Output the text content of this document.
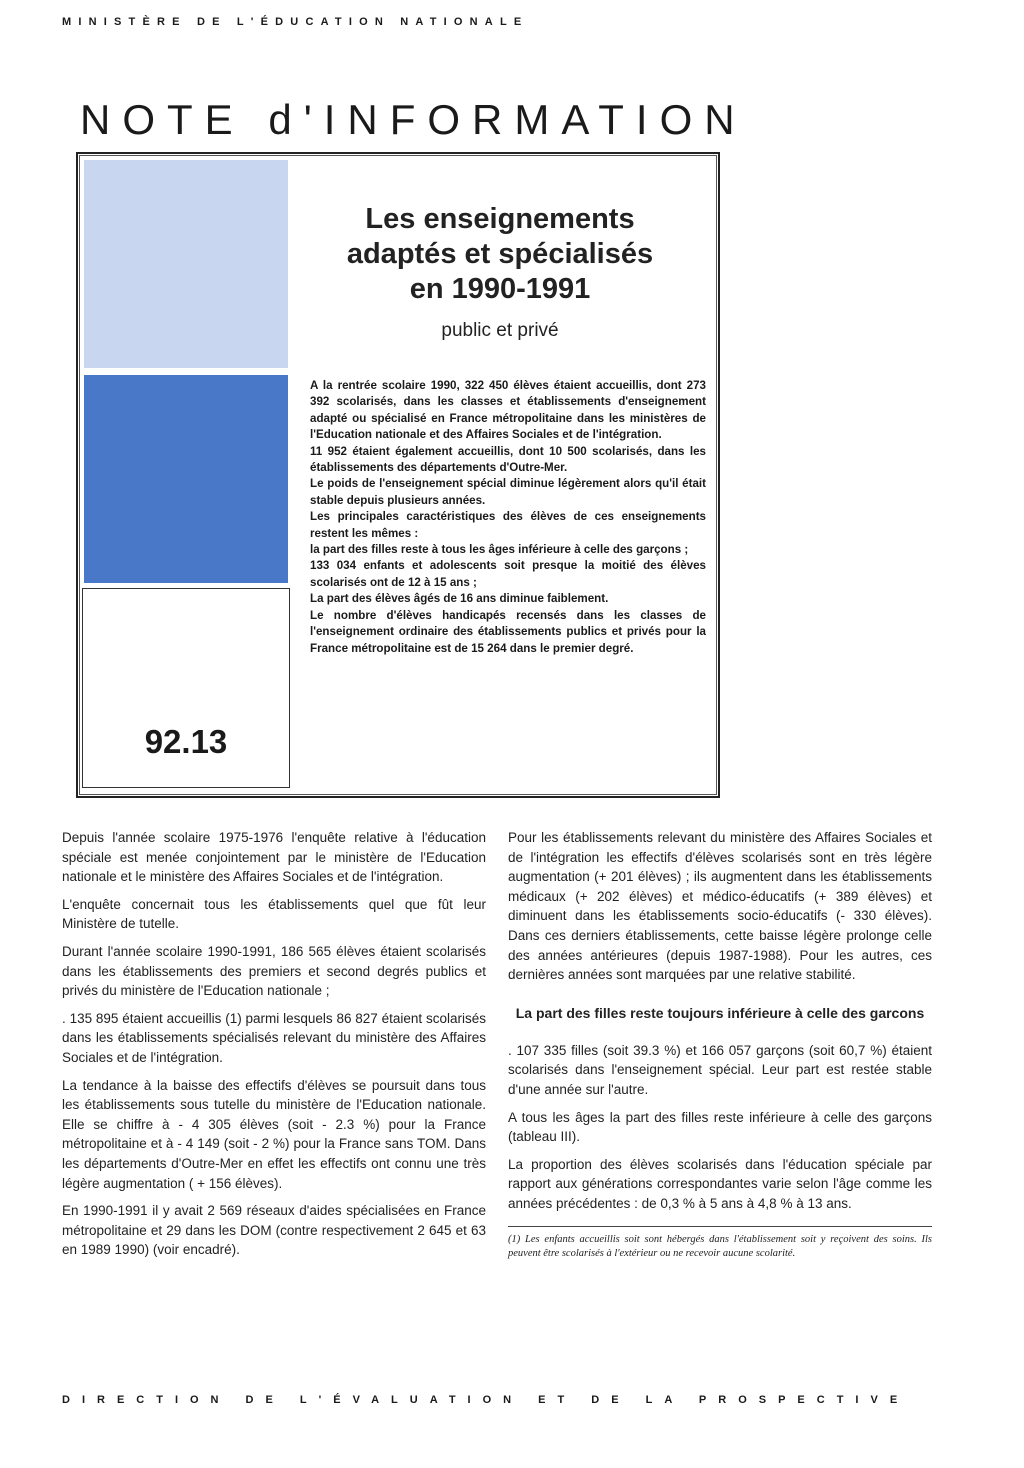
MINISTÈRE DE L'ÉDUCATION NATIONALE
NOTE d'INFORMATION
92.13
Les enseignements
adaptés et spécialisés
en 1990-1991
public et privé

A la rentrée scolaire 1990, 322 450 élèves étaient accueillis, dont 273 392 scolarisés, dans les classes et établissements d'enseignement adapté ou spécialisé en France métropolitaine dans les ministères de l'Education nationale et des Affaires Sociales et de l'intégration.

11 952 étaient également accueillis, dont 10 500 scolarisés, dans les établissements des départements d'Outre-Mer.

Le poids de l'enseignement spécial diminue légèrement alors qu'il était stable depuis plusieurs années.

Les principales caractéristiques des élèves de ces enseignements restent les mêmes :

la part des filles reste à tous les âges inférieure à celle des garçons ;

133 034 enfants et adolescents soit presque la moitié des élèves scolarisés ont de 12 à 15 ans ;

La part des élèves âgés de 16 ans diminue faiblement.

Le nombre d'élèves handicapés recensés dans les classes de l'enseignement ordinaire des établissements publics et privés pour la France métropolitaine est de 15 264 dans le premier degré.

Depuis l'année scolaire 1975-1976 l'enquête relative à l'éducation spéciale est menée conjointement par le ministère de l'Education nationale et le ministère des Affaires Sociales et de l'intégration.

L'enquête concernait tous les établissements quel que fût leur Ministère de tutelle.

Durant l'année scolaire 1990-1991, 186 565 élèves étaient scolarisés dans les établissements des premiers et second degrés publics et privés du ministère de l'Education nationale ;

. 135 895 étaient accueillis (1) parmi lesquels 86 827 étaient scolarisés dans les établissements spécialisés relevant du ministère des Affaires Sociales et de l'intégration.

La tendance à la baisse des effectifs d'élèves se poursuit dans tous les établissements sous tutelle du ministère de l'Education nationale. Elle se chiffre à - 4 305 élèves (soit - 2.3 %) pour la France métropolitaine et à - 4 149 (soit - 2 %) pour la France sans TOM. Dans les départements d'Outre-Mer en effet les effectifs ont connu une très légère augmentation ( + 156 élèves).

En 1990-1991 il y avait 2 569 réseaux d'aides spécialisées en France métropolitaine et 29 dans les DOM (contre respectivement 2 645 et 63 en 1989 1990) (voir encadré).

Pour les établissements relevant du ministère des Affaires Sociales et de l'intégration les effectifs d'élèves scolarisés sont en très légère augmentation (+ 201 élèves) ; ils augmentent dans les établissements médicaux (+ 202 élèves) et médico-éducatifs (+ 389 élèves) et diminuent dans les établissements socio-éducatifs (- 330 élèves). Dans ces derniers établissements, cette baisse légère prolonge celle des années antérieures (depuis 1987-1988). Pour les autres, ces dernières années sont marquées par une relative stabilité.

La part des filles reste toujours inférieure à celle des garcons

. 107 335 filles (soit 39.3 %) et 166 057 garçons (soit 60,7 %) étaient scolarisés dans l'enseignement spécial. Leur part est restée stable d'une année sur l'autre.

A tous les âges la part des filles reste inférieure à celle des garçons (tableau III).

La proportion des élèves scolarisés dans l'éducation spéciale par rapport aux générations correspondantes varie selon l'âge comme les années précédentes : de 0,3 % à 5 ans à 4,8 % à 13 ans.

(1) Les enfants accueillis soit sont hébergés dans l'établissement soit y reçoivent des soins. Ils peuvent être scolarisés à l'extérieur ou ne recevoir aucune scolarité.
DIRECTION DE L'ÉVALUATION ET DE LA PROSPECTIVE
